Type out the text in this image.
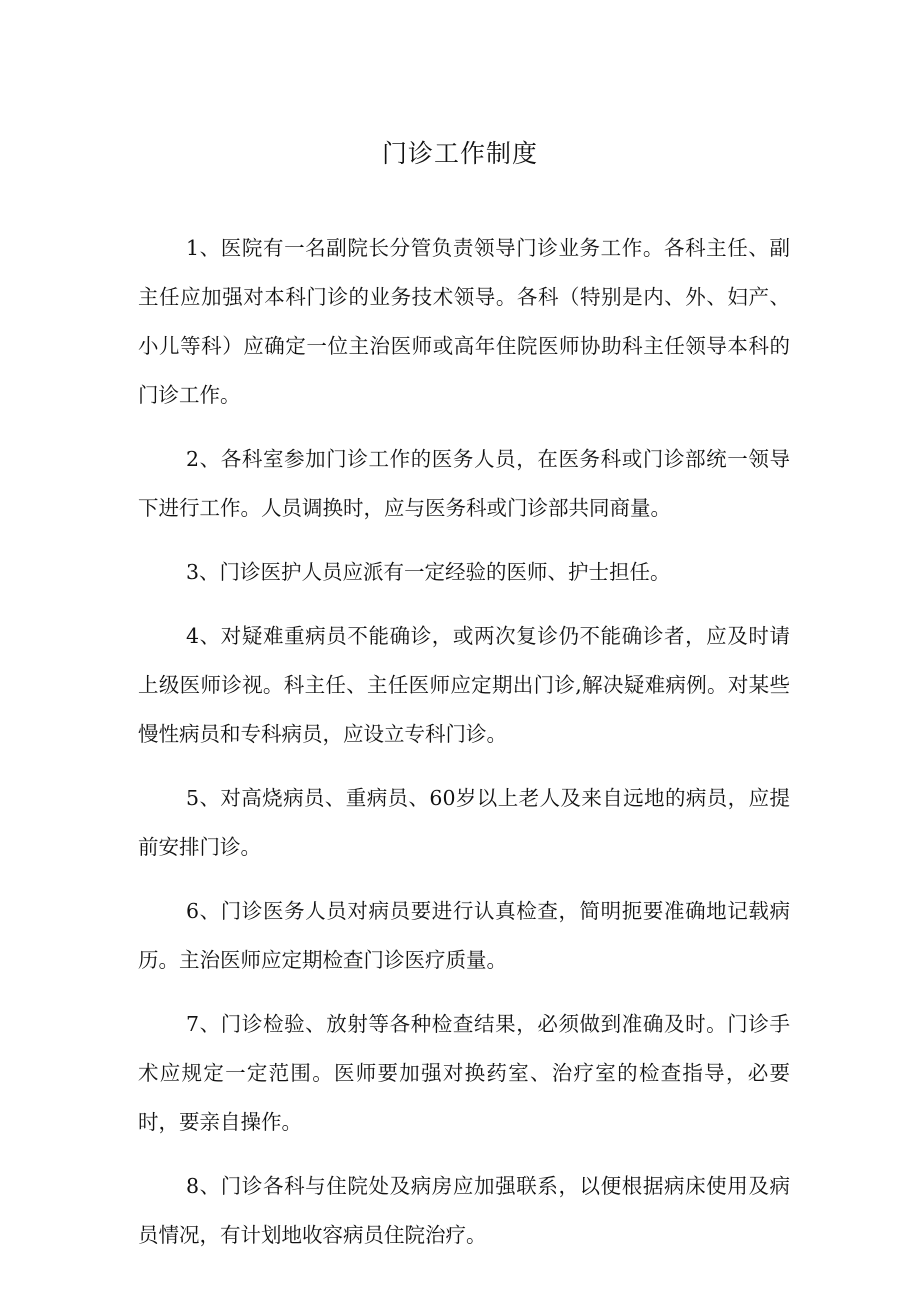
门诊工作制度

1、医院有一名副院长分管负责领导门诊业务工作。各科主任、副主任应加强对本科门诊的业务技术领导。各科（特别是内、外、妇产、小儿等科）应确定一位主治医师或高年住院医师协助科主任领导本科的门诊工作。

2、各科室参加门诊工作的医务人员，在医务科或门诊部统一领导下进行工作。人员调换时，应与医务科或门诊部共同商量。

3、门诊医护人员应派有一定经验的医师、护士担任。

4、对疑难重病员不能确诊，或两次复诊仍不能确诊者，应及时请上级医师诊视。科主任、主任医师应定期出门诊,解决疑难病例。对某些慢性病员和专科病员，应设立专科门诊。

5、对高烧病员、重病员、60岁以上老人及来自远地的病员，应提前安排门诊。

6、门诊医务人员对病员要进行认真检查，简明扼要准确地记载病历。主治医师应定期检查门诊医疗质量。

7、门诊检验、放射等各种检查结果，必须做到准确及时。门诊手术应规定一定范围。医师要加强对换药室、治疗室的检查指导，必要时，要亲自操作。

8、门诊各科与住院处及病房应加强联系，以便根据病床使用及病员情况，有计划地收容病员住院治疗。
